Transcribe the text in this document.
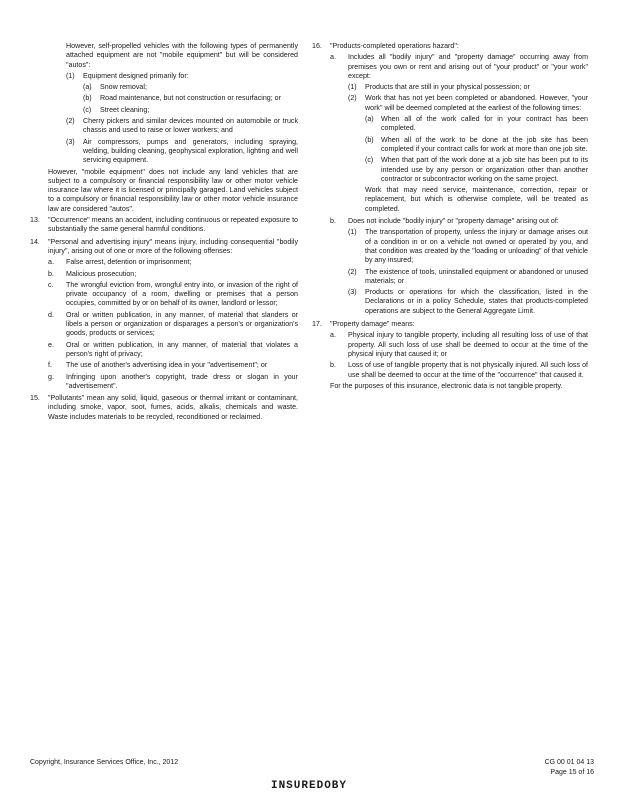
However, self-propelled vehicles with the following types of permanently attached equipment are not "mobile equipment" but will be considered "autos":

(1)	Equipment designed primarily for:
(a)	Snow removal;
(b)	Road maintenance, but not construction or resurfacing; or
(c)	Street cleaning;
(2)	Cherry pickers and similar devices mounted on automobile or truck chassis and used to raise or lower workers; and
(3)	Air compressors, pumps and generators, including spraying, welding, building cleaning, geophysical exploration, lighting and well servicing equipment.

However, "mobile equipment" does not include any land vehicles that are subject to a compulsory or financial responsibility law or other motor vehicle insurance law where it is licensed or principally garaged. Land vehicles subject to a compulsory or financial responsibility law or other motor vehicle insurance law are considered "autos".

13.	"Occurrence" means an accident, including continuous or repeated exposure to substantially the same general harmful conditions.
14.	"Personal and advertising injury" means injury, including consequential "bodily injury", arising out of one or more of the following offenses:
a.	False arrest, detention or imprisonment;
b.	Malicious prosecution;
c.	The wrongful eviction from, wrongful entry into, or invasion of the right of private occupancy of a room, dwelling or premises that a person occupies, committed by or on behalf of its owner, landlord or lessor;
d.	Oral or written publication, in any manner, of material that slanders or libels a person or organization or disparages a person's or organization's goods, products or services;
e.	Oral or written publication, in any manner, of material that violates a person's right of privacy;
f.	The use of another's advertising idea in your "advertisement"; or
g.	Infringing upon another's copyright, trade dress or slogan in your "advertisement".
15.	"Pollutants" mean any solid, liquid, gaseous or thermal irritant or contaminant, including smoke, vapor, soot, fumes, acids, alkalis, chemicals and waste. Waste includes materials to be recycled, reconditioned or reclaimed.
16.	"Products-completed operations hazard":
a.	Includes all "bodily injury" and "property damage" occurring away from premises you own or rent and arising out of "your product" or "your work" except:
(1)	Products that are still in your physical possession; or
(2)	Work that has not yet been completed or abandoned. However, "your work" will be deemed completed at the earliest of the following times:
(a)	When all of the work called for in your contract has been completed.
(b)	When all of the work to be done at the job site has been completed if your contract calls for work at more than one job site.
(c)	When that part of the work done at a job site has been put to its intended use by any person or organization other than another contractor or subcontractor working on the same project.

Work that may need service, maintenance, correction, repair or replacement, but which is otherwise complete, will be treated as completed.

b.	Does not include "bodily injury" or "property damage" arising out of:
(1)	The transportation of property, unless the injury or damage arises out of a condition in or on a vehicle not owned or operated by you, and that condition was created by the "loading or unloading" of that vehicle by any insured;
(2)	The existence of tools, uninstalled equipment or abandoned or unused materials; or
(3)	Products or operations for which the classification, listed in the Declarations or in a policy Schedule, states that products-completed operations are subject to the General Aggregate Limit.
17.	"Property damage" means:
a.	Physical injury to tangible property, including all resulting loss of use of that property. All such loss of use shall be deemed to occur at the time of the physical injury that caused it; or
b.	Loss of use of tangible property that is not physically injured. All such loss of use shall be deemed to occur at the time of the "occurrence" that caused it.

For the purposes of this insurance, electronic data is not tangible property.

Copyright, Insurance Services Office, Inc., 2012	CG 00 01 04 13
Page 15 of 16
INSUREDOBY
